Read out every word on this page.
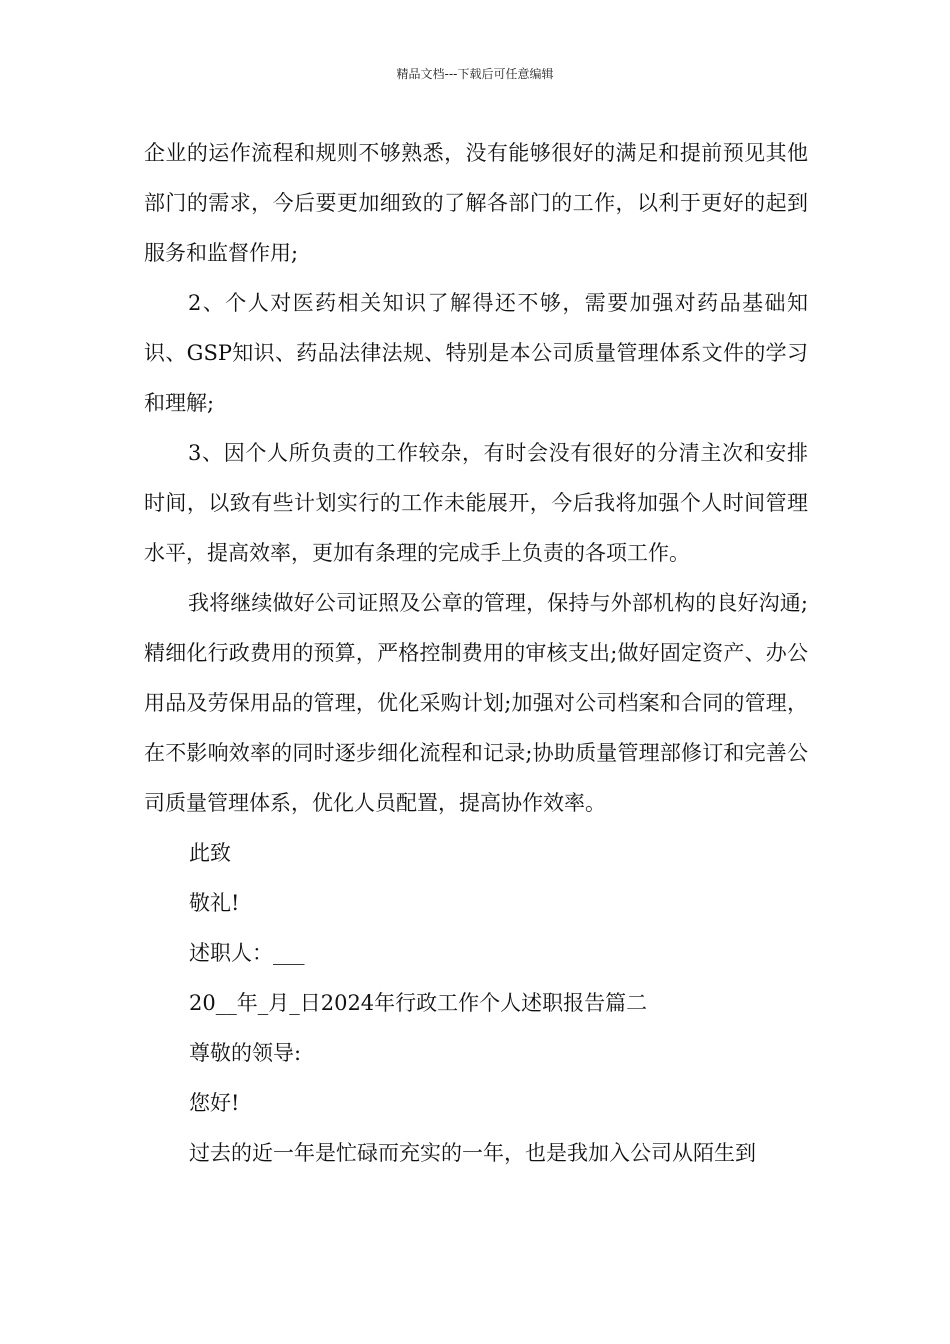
精品文档---下载后可任意编辑

企业的运作流程和规则不够熟悉，没有能够很好的满足和提前预见其他部门的需求，今后要更加细致的了解各部门的工作，以利于更好的起到服务和监督作用;

2、个人对医药相关知识了解得还不够，需要加强对药品基础知识、GSP知识、药品法律法规、特别是本公司质量管理体系文件的学习和理解;

3、因个人所负责的工作较杂，有时会没有很好的分清主次和安排时间，以致有些计划实行的工作未能展开，今后我将加强个人时间管理水平，提高效率，更加有条理的完成手上负责的各项工作。

我将继续做好公司证照及公章的管理，保持与外部机构的良好沟通;精细化行政费用的预算，严格控制费用的审核支出;做好固定资产、办公用品及劳保用品的管理，优化采购计划;加强对公司档案和合同的管理，在不影响效率的同时逐步细化流程和记录;协助质量管理部修订和完善公司质量管理体系，优化人员配置，提高协作效率。

此致

敬礼!

述职人：___

20__年_月_日2024年行政工作个人述职报告篇二

尊敬的领导:

您好!

过去的近一年是忙碌而充实的一年，也是我加入公司从陌生到
